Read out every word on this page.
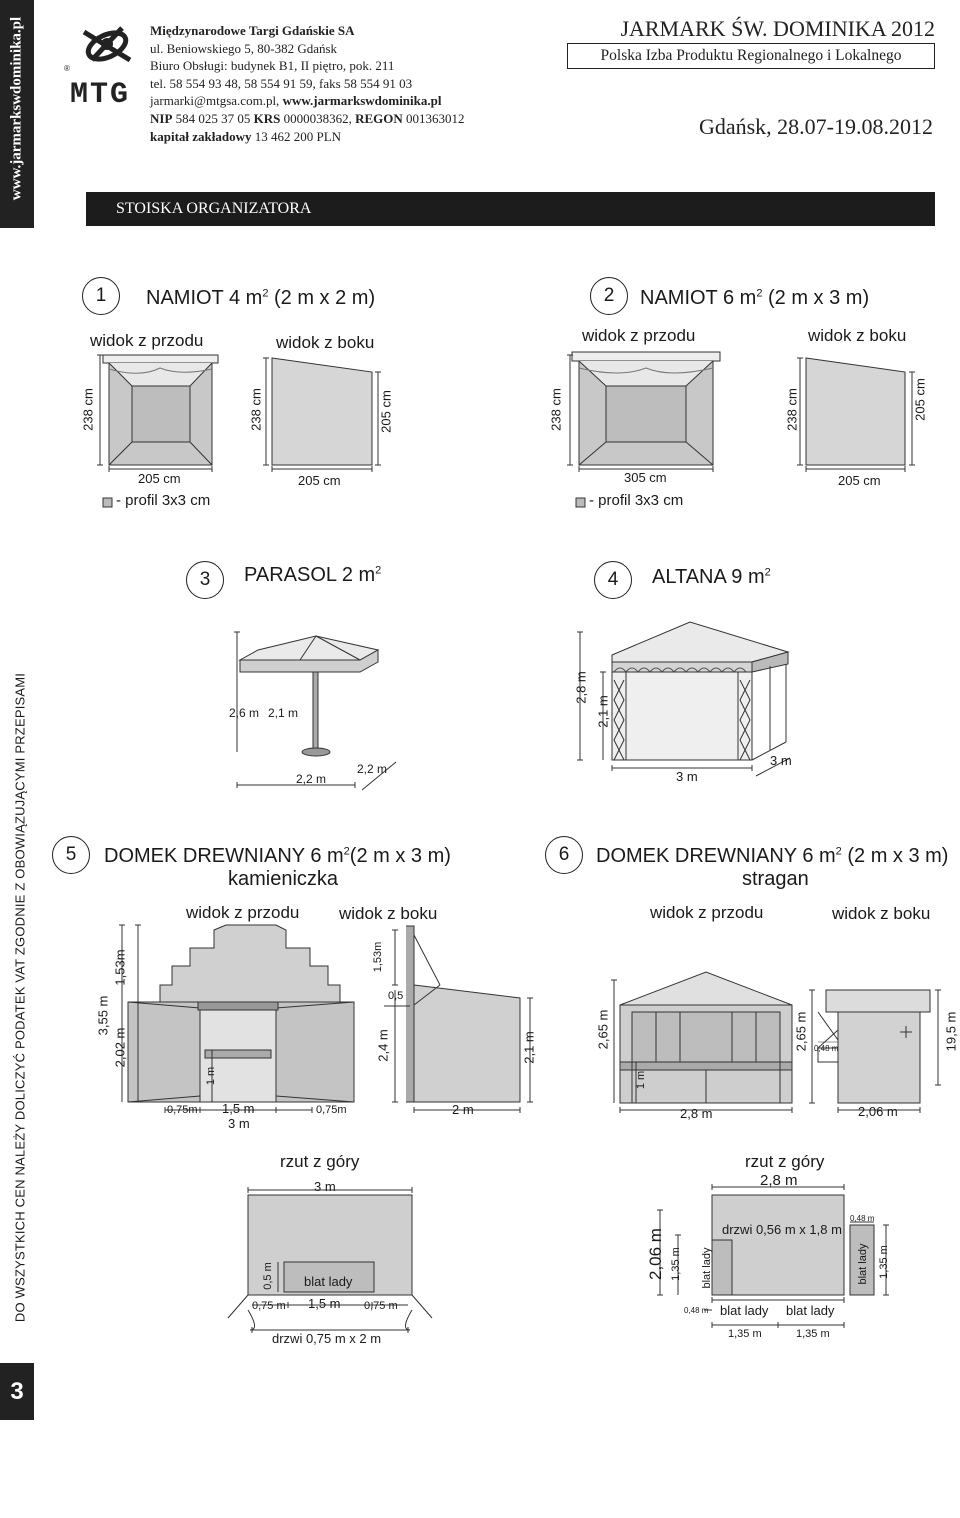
www.jarmarkswdominika.pl
DO WSZYSTKICH CEN NALEŻY DOLICZYĆ PODATEK VAT ZGODNIE Z OBOWIĄZUJĄCYMI PRZEPISAMI
3
MTG
®
Międzynarodowe Targi Gdańskie SA
ul. Beniowskiego 5, 80-382 Gdańsk
Biuro Obsługi: budynek B1, II piętro, pok. 211
tel. 58 554 93 48, 58 554 91 59, faks 58 554 91 03
jarmarki@mtgsa.com.pl, www.jarmarkswdominika.pl
NIP 584 025 37 05 KRS 0000038362, REGON 001363012
kapitał zakładowy 13 462 200 PLN
JARMARK ŚW. DOMINIKA 2012
Polska Izba Produktu Regionalnego i Lokalnego
Gdańsk, 28.07-19.08.2012
STOISKA ORGANIZATORA
1	NAMIOT 4 $m^2$ (2 m x 2 m)
widok z przodu	widok z boku
238 cm
205 cm
238 cm	205 cm
205 cm
- profil 3x3 cm
2	NAMIOT 6 $m^2$ (2 m x 3 m)
widok z przodu	widok z boku
238 cm
305 cm
238 cm	205 cm
205 cm
- profil 3x3 cm
3	PARASOL 2 $m^2$
2,6 m 2,1 m
2,2 m
2,2 m
4	ALTANA 9 $m^2$
2,8 m
2,1 m
3 m
3 m
5	DOMEK DREWNIANY 6 $m^2(2$ m x 3 m)
kamieniczka
widok z przodu widok z boku
3,55 m
1,53m
2,02 m
1 m
0,75m 1,5 m	0,75m
3 m
1,53m
0,5
2,4 m	2,1 m
2 m
rzut z góry
3 m
0,5 m blat lady
0,75 m 1,5 m 0,75 m
drzwi 0,75 m x 2 m
6	DOMEK DREWNIANY 6 $m^2$ (2 m x 3 m)
stragan
widok z przodu	widok z boku
2,65 m
1 m
2,8 m
2,65 m 0,48 m
2,06 m
19,5 m
rzut z góry
2,8 m
2,06 m 1,35 m blat lady
drzwi 0,56 m x 1,8 m
0,48 m
blat lady 1,35 m
0,48 m blat lady blat lady
1,35 m	1,35 m
